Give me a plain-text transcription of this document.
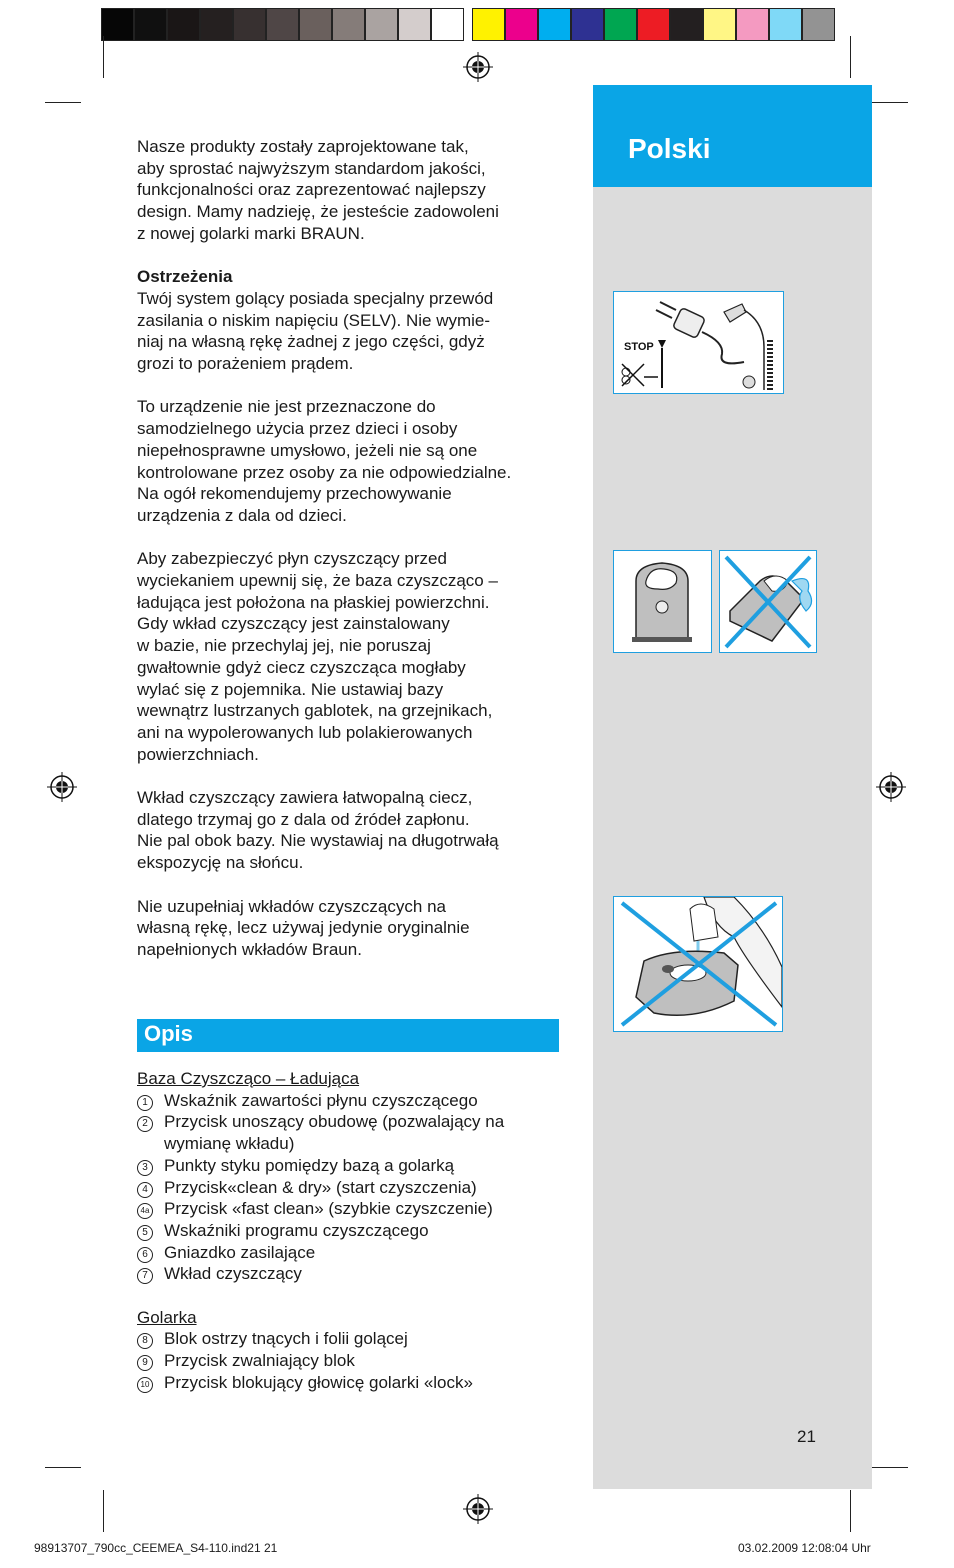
Polski
STOP

Nasze produkty zostały zaprojektowane tak,
aby sprostać najwyższym standardom jakości,
funkcjonalności oraz zaprezentować najlepszy
design. Mamy nadzieję, że jesteście zadowoleni
z nowej golarki marki BRAUN.

Ostrzeżenia

Twój system golący posiada specjalny przewód
zasilania o niskim napięciu (SELV). Nie wymie-
niaj na własną rękę żadnej z jego części, gdyż
grozi to porażeniem prądem.

To urządzenie nie jest przeznaczone do
samodzielnego użycia przez dzieci i osoby
niepełnosprawne umysłowo, jeżeli nie są one
kontrolowane przez osoby za nie odpowiedzialne.
Na ogół rekomendujemy przechowywanie
urządzenia z dala od dzieci.

Aby zabezpieczyć płyn czyszczący przed
wyciekaniem upewnij się, że baza czyszcząco –
ładująca jest położona na płaskiej powierzchni.
Gdy wkład czyszczący jest zainstalowany
w bazie, nie przechylaj jej, nie poruszaj
gwałtownie gdyż ciecz czyszcząca mogłaby
wylać się z pojemnika. Nie ustawiaj bazy
wewnątrz lustrzanych gablotek, na grzejnikach,
ani na wypolerowanych lub polakierowanych
powierzchniach.

Wkład czyszczący zawiera łatwopalną ciecz,
dlatego trzymaj go z dala od źródeł zapłonu.
Nie pal obok bazy. Nie wystawiaj na długotrwałą
ekspozycję na słońcu.

Nie uzupełniaj wkładów czyszczących na
własną rękę, lecz używaj jedynie oryginalnie
napełnionych wkładów Braun.

Opis
Baza Czyszcząco – Ładująca
1 Wskaźnik zawartości płynu czyszczącego
2 Przycisk unoszący obudowę (pozwalający na
wymianę wkładu)
3 Punkty styku pomiędzy bazą a golarką
4 Przycisk«clean & dry» (start czyszczenia)
4a Przycisk «fast clean» (szybkie czyszczenie)
5 Wskaźniki programu czyszczącego
6 Gniazdko zasilające
7 Wkład czyszczący
Golarka
8 Blok ostrzy tnących i folii golącej
9 Przycisk zwalniający blok
10 Przycisk blokujący głowicę golarki «lock»
21
98913707_790cc_CEEMEA_S4-110.ind21 21	03.02.2009 12:08:04 Uhr
